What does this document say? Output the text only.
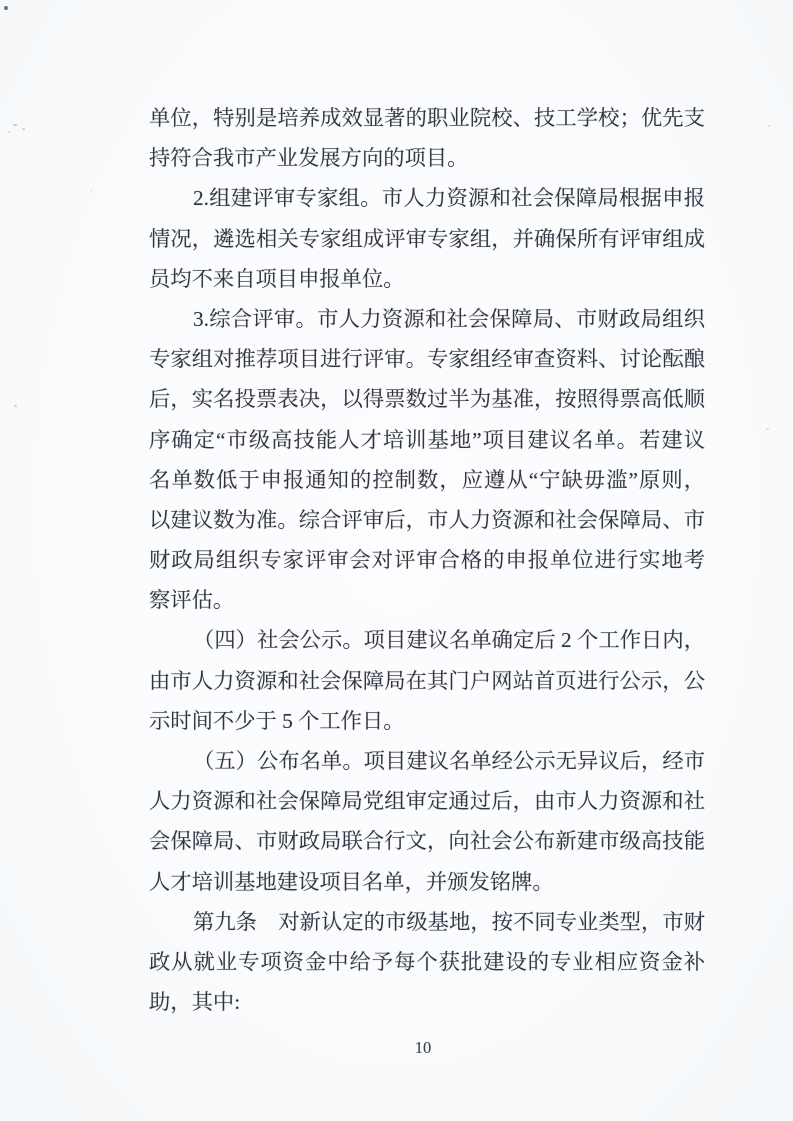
单位，特别是培养成效显著的职业院校、技工学校；优先支

持符合我市产业发展方向的项目。

2.组建评审专家组。市人力资源和社会保障局根据申报

情况，遴选相关专家组成评审专家组，并确保所有评审组成

员均不来自项目申报单位。

3.综合评审。市人力资源和社会保障局、市财政局组织

专家组对推荐项目进行评审。专家组经审查资料、讨论酝酿

后，实名投票表决，以得票数过半为基准，按照得票高低顺

序确定“市级高技能人才培训基地”项目建议名单。若建议

名单数低于申报通知的控制数，应遵从“宁缺毋滥”原则，

以建议数为准。综合评审后，市人力资源和社会保障局、市

财政局组织专家评审会对评审合格的申报单位进行实地考

察评估。

（四）社会公示。项目建议名单确定后 2 个工作日内，

由市人力资源和社会保障局在其门户网站首页进行公示，公

示时间不少于 5 个工作日。

（五）公布名单。项目建议名单经公示无异议后，经市

人力资源和社会保障局党组审定通过后，由市人力资源和社

会保障局、市财政局联合行文，向社会公布新建市级高技能

人才培训基地建设项目名单，并颁发铭牌。

第九条　对新认定的市级基地，按不同专业类型，市财

政从就业专项资金中给予每个获批建设的专业相应资金补

助，其中:

10
